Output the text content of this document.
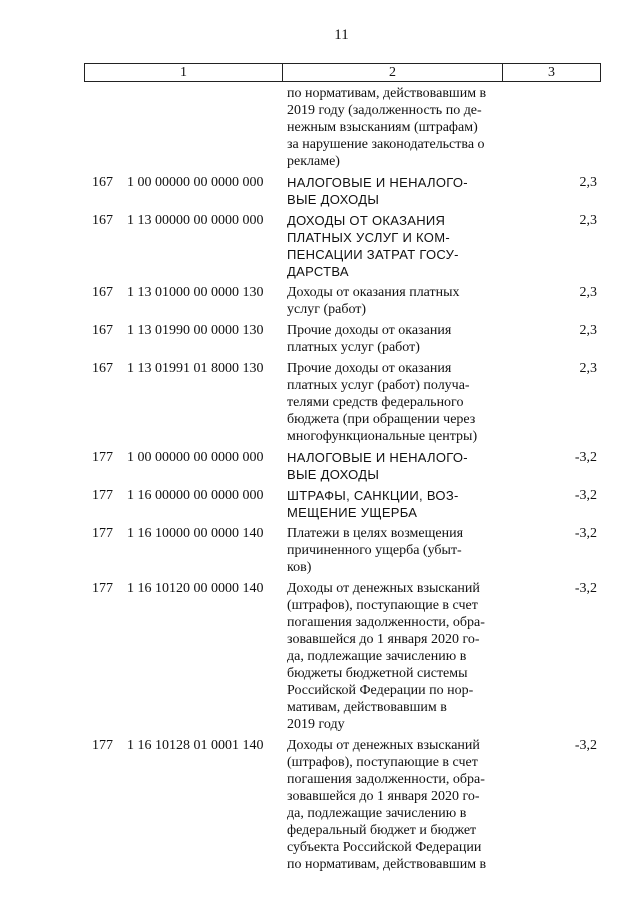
11
1	2	3
по нормативам, действовавшим в
2019 году (задолженность по де-
нежным взысканиям (штрафам)
за нарушение законодательства о
рекламе)
167 1 00 00000 00 0000 000 НАЛОГОВЫЕ И НЕНАЛОГО-
ВЫЕ ДОХОДЫ
2,3
167 1 13 00000 00 0000 000 ДОХОДЫ ОТ ОКАЗАНИЯ
ПЛАТНЫХ УСЛУГ И КОМ-
ПЕНСАЦИИ ЗАТРАТ ГОСУ-
ДАРСТВА
2,3
167 1 13 01000 00 0000 130 Доходы от оказания платных
услуг (работ)
2,3
167 1 13 01990 00 0000 130 Прочие доходы от оказания
платных услуг (работ)
2,3
167 1 13 01991 01 8000 130 Прочие доходы от оказания
платных услуг (работ) получа-
телями средств федерального
бюджета (при обращении через
многофункциональные центры)
2,3
177 1 00 00000 00 0000 000 НАЛОГОВЫЕ И НЕНАЛОГО-
ВЫЕ ДОХОДЫ
-3,2
177 1 16 00000 00 0000 000 ШТРАФЫ, САНКЦИИ, ВОЗ-
МЕЩЕНИЕ УЩЕРБА
-3,2
177 1 16 10000 00 0000 140 Платежи в целях возмещения
причиненного ущерба (убыт-
ков)
-3,2
177 1 16 10120 00 0000 140 Доходы от денежных взысканий
(штрафов), поступающие в счет
погашения задолженности, обра-
зовавшейся до 1 января 2020 го-
да, подлежащие зачислению в
бюджеты бюджетной системы
Российской Федерации по нор-
мативам, действовавшим в
2019 году
-3,2
177 1 16 10128 01 0001 140 Доходы от денежных взысканий
(штрафов), поступающие в счет
погашения задолженности, обра-
зовавшейся до 1 января 2020 го-
да, подлежащие зачислению в
федеральный бюджет и бюджет
субъекта Российской Федерации
по нормативам, действовавшим в
-3,2
